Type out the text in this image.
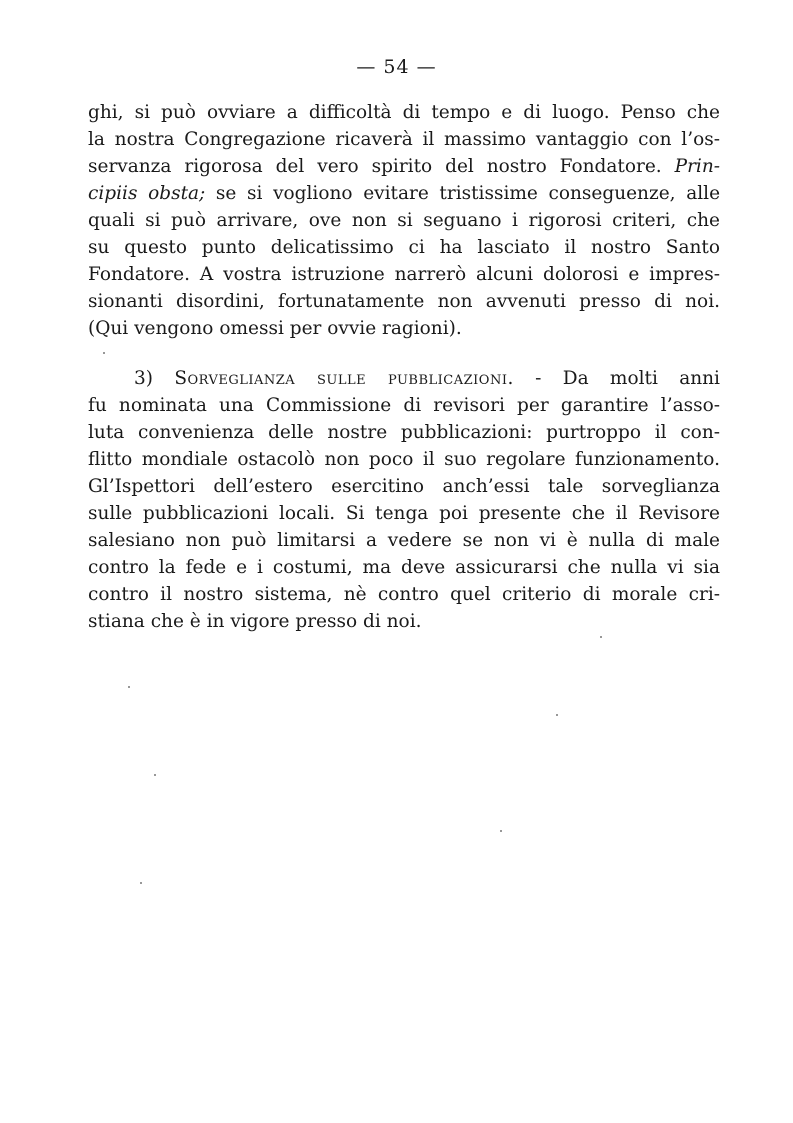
— 54 —
ghi, si può ovviare a difficoltà di tempo e di luogo. Penso che
la nostra Congregazione ricaverà il massimo vantaggio con l’os-
servanza rigorosa del vero spirito del nostro Fondatore. Prin-
cipiis obsta; se si vogliono evitare tristissime conseguenze, alle
quali si può arrivare, ove non si seguano i rigorosi criteri, che
su questo punto delicatissimo ci ha lasciato il nostro Santo
Fondatore. A vostra istruzione narrerò alcuni dolorosi e impres-
sionanti disordini, fortunatamente non avvenuti presso di noi.
(Qui vengono omessi per ovvie ragioni).
3) Sorveglianza sulle pubblicazioni. - Da molti anni
fu nominata una Commissione di revisori per garantire l’asso-
luta convenienza delle nostre pubblicazioni: purtroppo il con-
flitto mondiale ostacolò non poco il suo regolare funzionamento.
Gl’Ispettori dell’estero esercitino anch’essi tale sorveglianza
sulle pubblicazioni locali. Si tenga poi presente che il Revisore
salesiano non può limitarsi a vedere se non vi è nulla di male
contro la fede e i costumi, ma deve assicurarsi che nulla vi sia
contro il nostro sistema, nè contro quel criterio di morale cri-
stiana che è in vigore presso di noi.
